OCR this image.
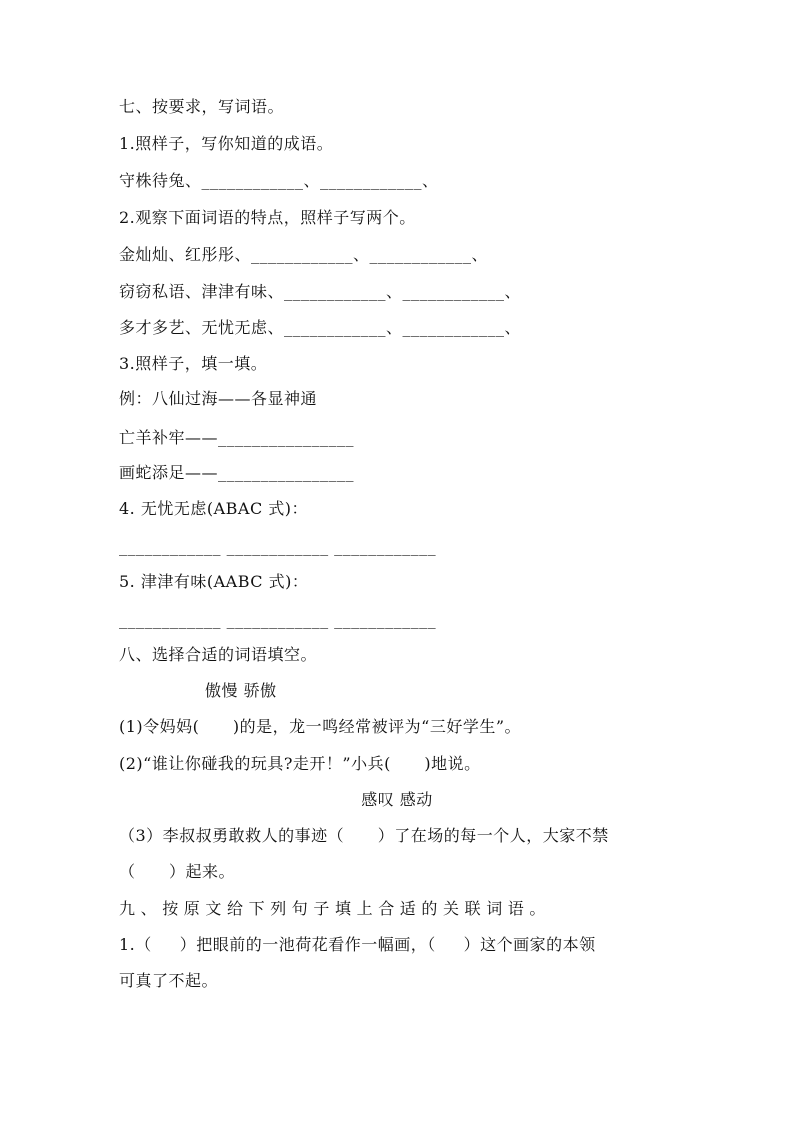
七、按要求，写词语。
1.照样子，写你知道的成语。
守株待兔、____________、____________、
2.观察下面词语的特点，照样子写两个。
金灿灿、红彤彤、____________、____________、
窃窃私语、津津有味、____________、____________、
多才多艺、无忧无虑、____________、____________、
3.照样子，填一填。
例：八仙过海——各显神通
亡羊补牢——________________
画蛇添足——________________
4. 无忧无虑(ABAC 式)：
____________ ____________ ____________
5. 津津有味(AABC 式)：
____________ ____________ ____________
八、选择合适的词语填空。
傲慢 骄傲
(1)令妈妈(      )的是，龙一鸣经常被评为“三好学生”。
(2)“谁让你碰我的玩具?走开！”小兵(      )地说。
感叹 感动
（3）李叔叔勇敢救人的事迹（      ）了在场的每一个人，大家不禁
（      ）起来。
九、按原文给下列句子填上合适的关联词语。
1.（     ）把眼前的一池荷花看作一幅画，（     ）这个画家的本领
可真了不起。
